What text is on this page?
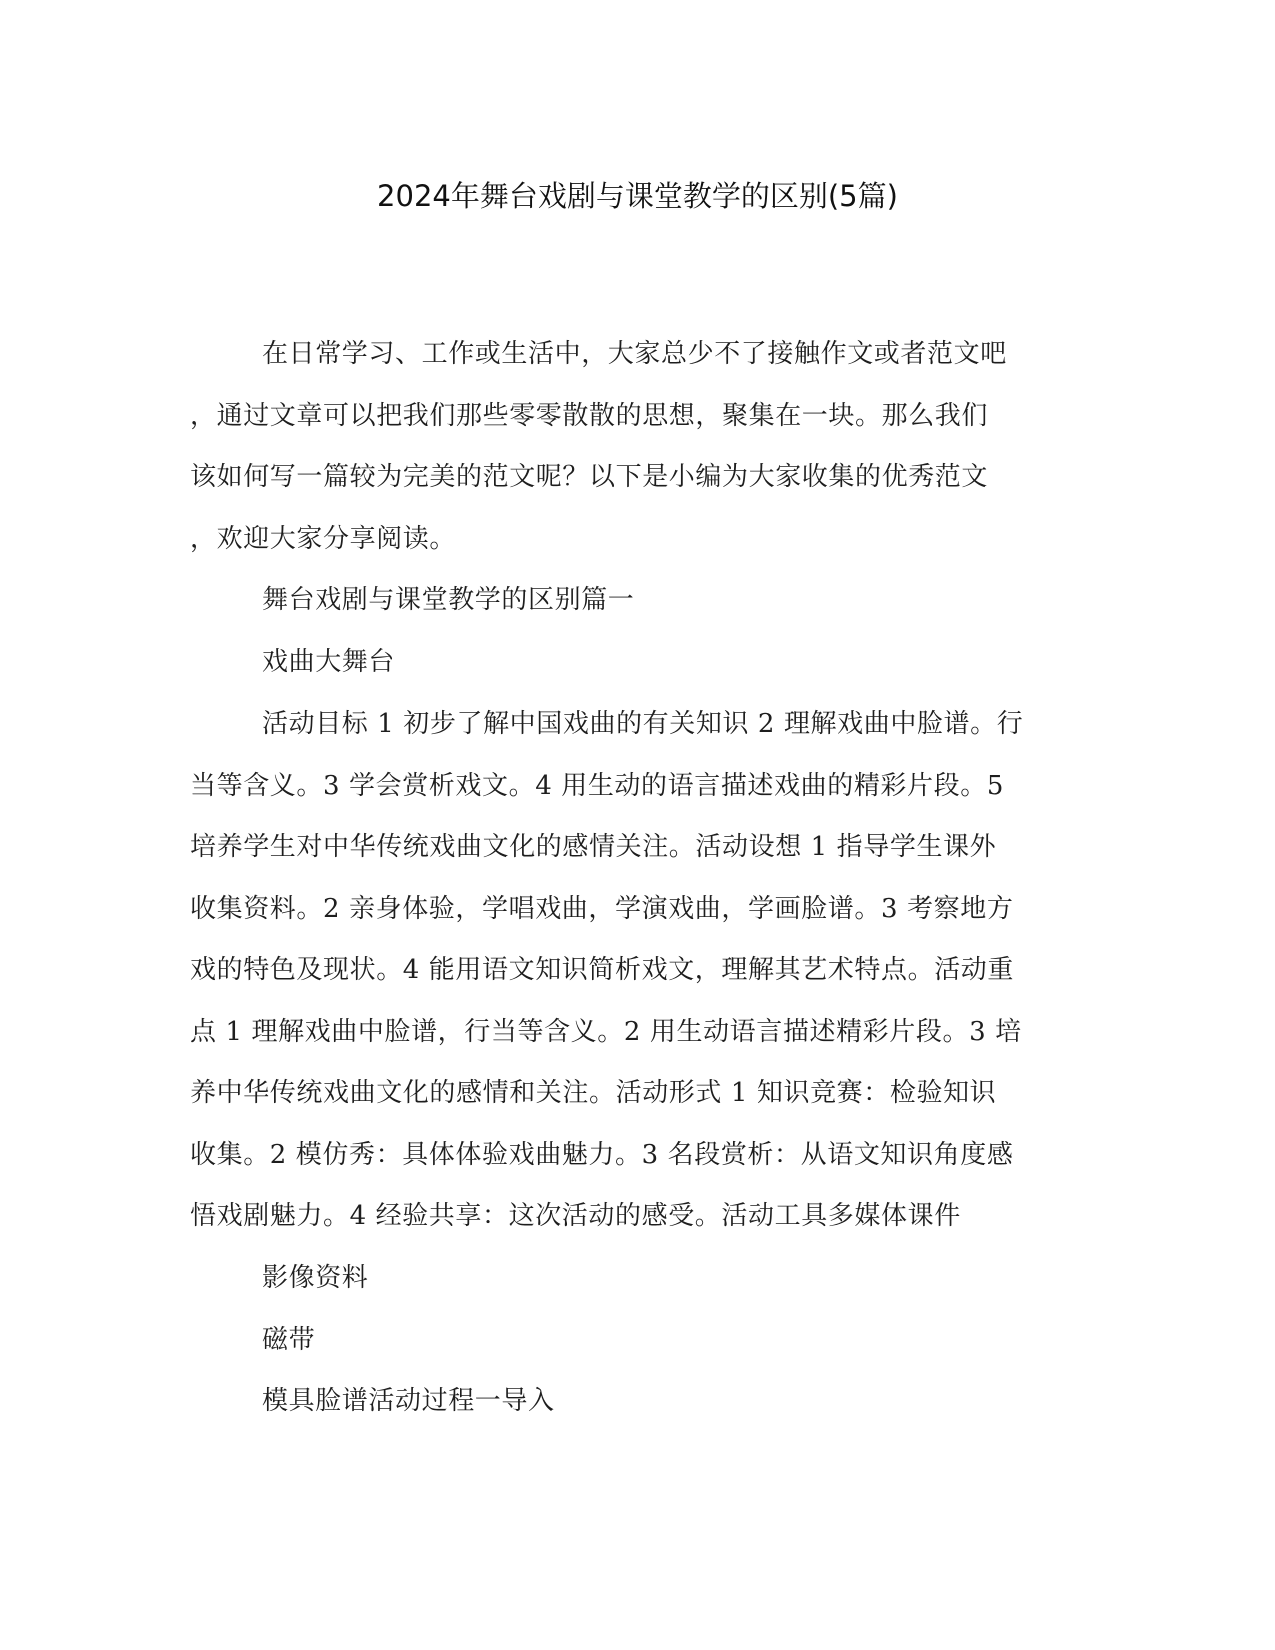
2024年舞台戏剧与课堂教学的区别(5篇)
在日常学习、工作或生活中，大家总少不了接触作文或者范文吧
，通过文章可以把我们那些零零散散的思想，聚集在一块。那么我们
该如何写一篇较为完美的范文呢？以下是小编为大家收集的优秀范文
，欢迎大家分享阅读。
舞台戏剧与课堂教学的区别篇一
戏曲大舞台
活动目标 1 初步了解中国戏曲的有关知识 2 理解戏曲中脸谱。行
当等含义。3 学会赏析戏文。4 用生动的语言描述戏曲的精彩片段。5
培养学生对中华传统戏曲文化的感情关注。活动设想 1 指导学生课外
收集资料。2 亲身体验，学唱戏曲，学演戏曲，学画脸谱。3 考察地方
戏的特色及现状。4 能用语文知识简析戏文，理解其艺术特点。活动重
点 1 理解戏曲中脸谱，行当等含义。2 用生动语言描述精彩片段。3 培
养中华传统戏曲文化的感情和关注。活动形式 1 知识竞赛：检验知识
收集。2 模仿秀：具体体验戏曲魅力。3 名段赏析：从语文知识角度感
悟戏剧魅力。4 经验共享：这次活动的感受。活动工具多媒体课件
影像资料
磁带
模具脸谱活动过程一导入
